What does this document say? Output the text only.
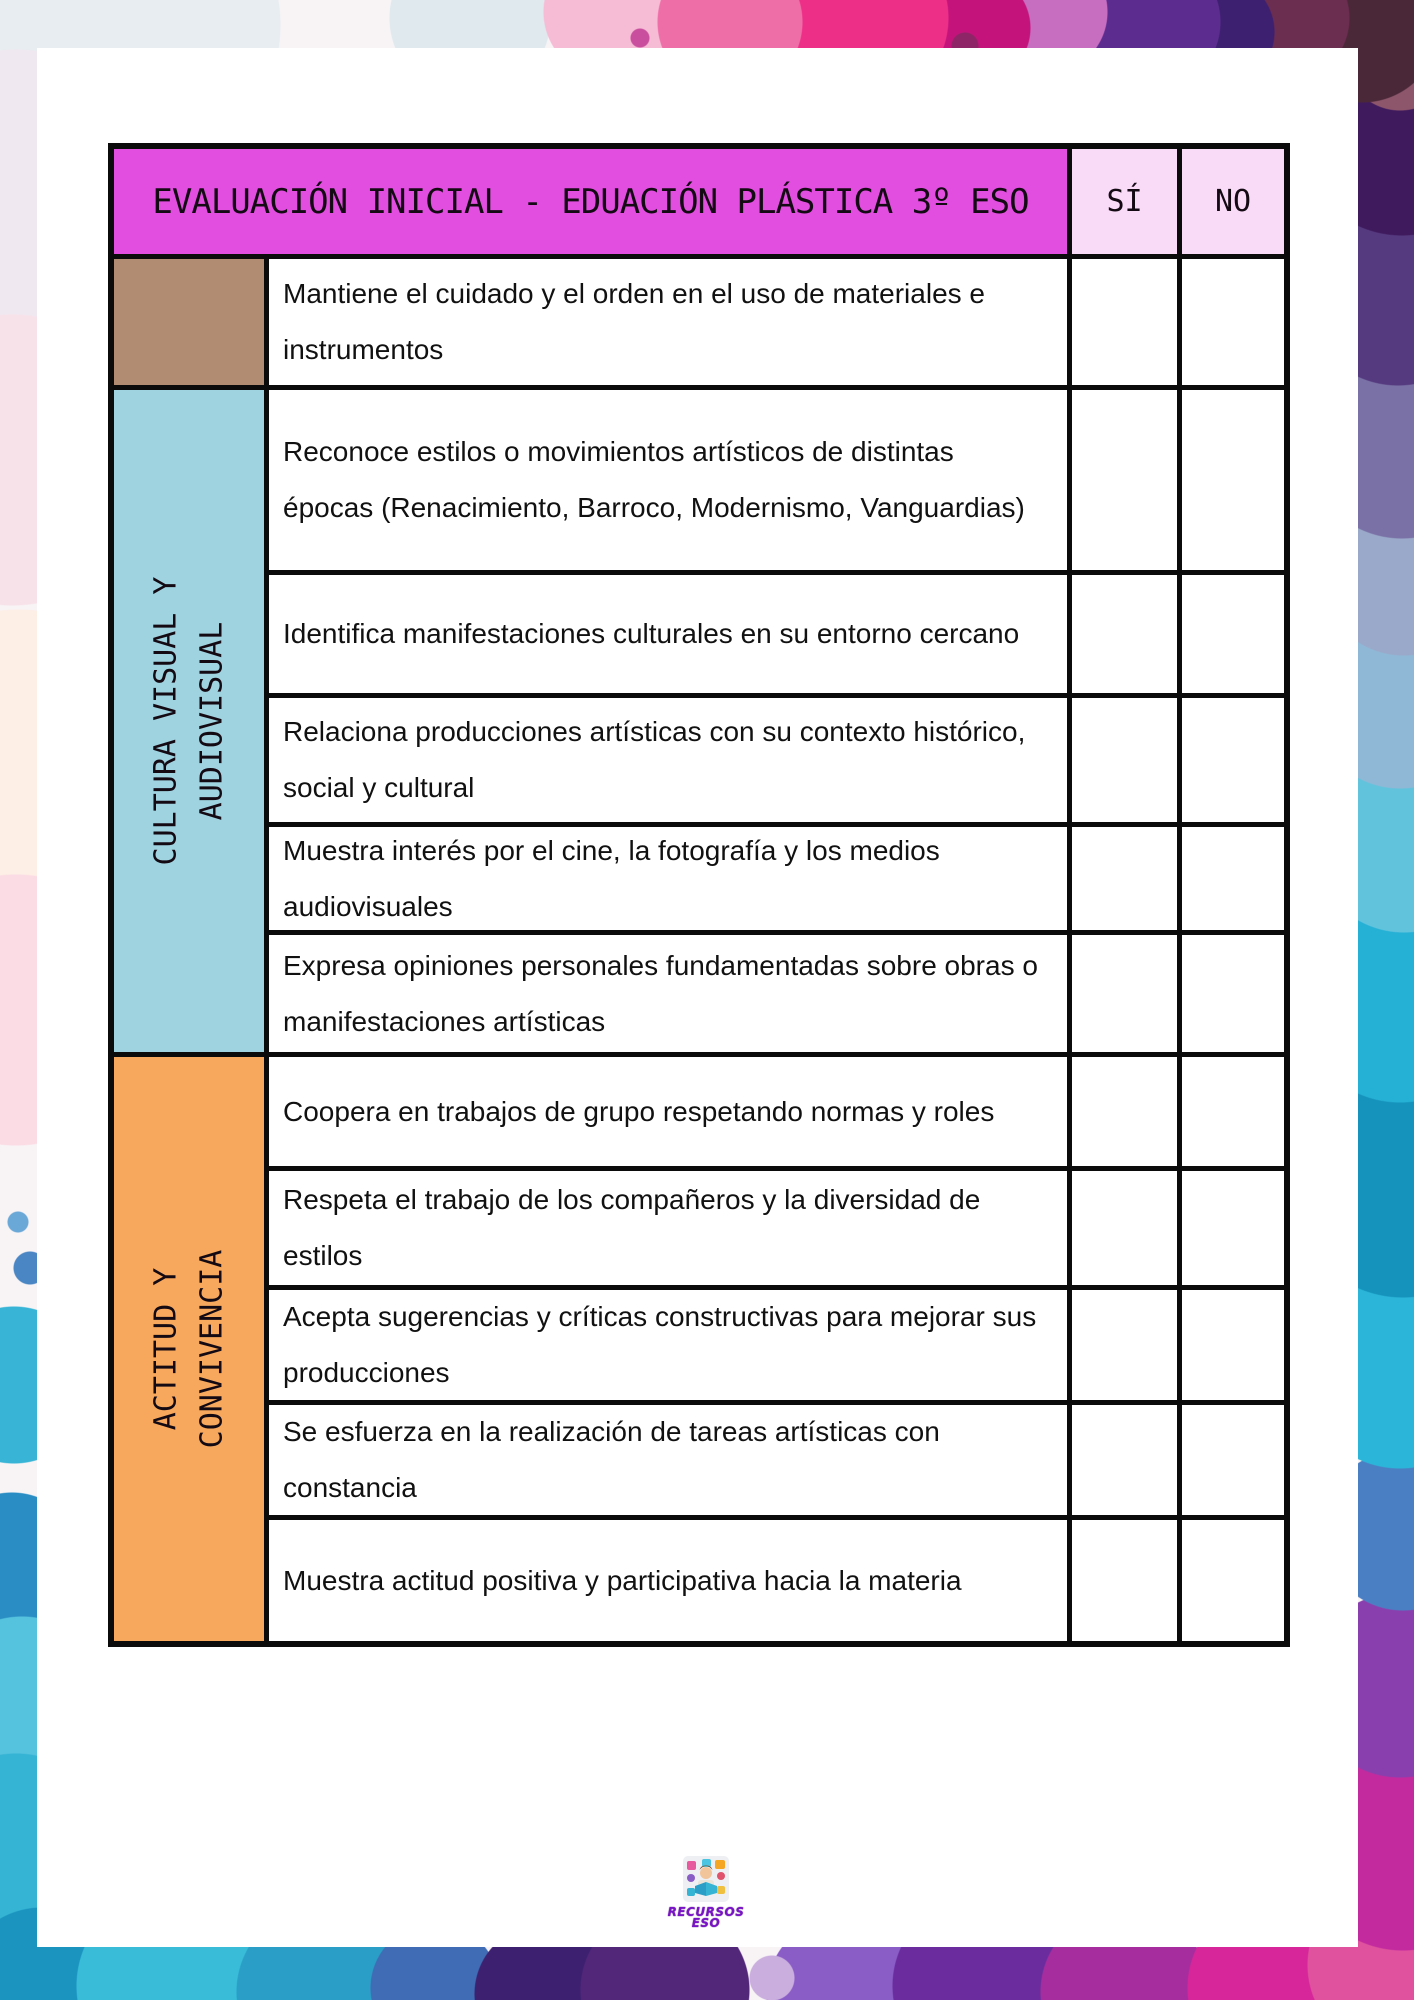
EVALUACIÓN INICIAL - EDUACIÓN PLÁSTICA 3º ESO	SÍ	NO
CULTURA VISUAL Y AUDIOVISUAL
ACTITUD Y CONVIVENCIA
Mantiene el cuidado y el orden en el uso de materiales e instrumentos
Reconoce estilos o movimientos artísticos de distintas épocas (Renacimiento, Barroco, Modernismo, Vanguardias)
Identifica manifestaciones culturales en su entorno cercano
Relaciona producciones artísticas con su contexto histórico, social y cultural
Muestra interés por el cine, la fotografía y los medios audiovisuales
Expresa opiniones personales fundamentadas sobre obras o manifestaciones artísticas
Coopera en trabajos de grupo respetando normas y roles
Respeta el trabajo de los compañeros y la diversidad de estilos
Acepta sugerencias y críticas constructivas para mejorar sus producciones
Se esfuerza en la realización de tareas artísticas con constancia
Muestra actitud positiva y participativa hacia la materia
RECURSOS
ESO
